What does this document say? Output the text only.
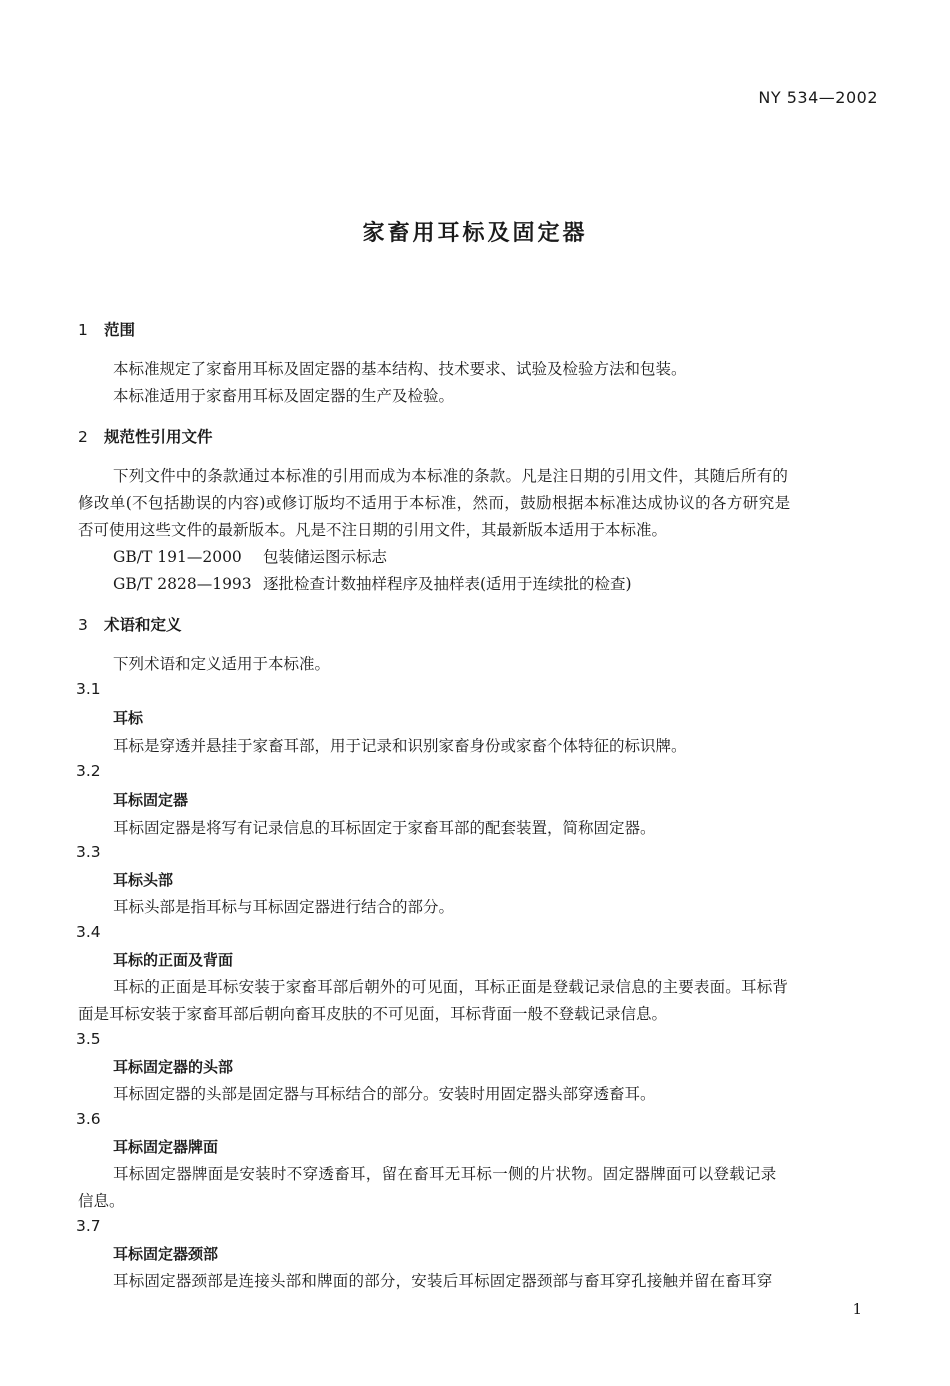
NY 534—2002
家畜用耳标及固定器
1 范围
本标准规定了家畜用耳标及固定器的基本结构、技术要求、试验及检验方法和包装。
本标准适用于家畜用耳标及固定器的生产及检验。
2 规范性引用文件
下列文件中的条款通过本标准的引用而成为本标准的条款。凡是注日期的引用文件，其随后所有的
修改单(不包括勘误的内容)或修订版均不适用于本标准，然而，鼓励根据本标准达成协议的各方研究是
否可使用这些文件的最新版本。凡是不注日期的引用文件，其最新版本适用于本标准。
GB/T 191—2000 包装储运图示标志
GB/T 2828—1993 逐批检查计数抽样程序及抽样表(适用于连续批的检查)
3 术语和定义
下列术语和定义适用于本标准。
3.1
耳标
耳标是穿透并悬挂于家畜耳部，用于记录和识别家畜身份或家畜个体特征的标识牌。
3.2
耳标固定器
耳标固定器是将写有记录信息的耳标固定于家畜耳部的配套装置，简称固定器。
3.3
耳标头部
耳标头部是指耳标与耳标固定器进行结合的部分。
3.4
耳标的正面及背面
耳标的正面是耳标安装于家畜耳部后朝外的可见面，耳标正面是登载记录信息的主要表面。耳标背
面是耳标安装于家畜耳部后朝向畜耳皮肤的不可见面，耳标背面一般不登载记录信息。
3.5
耳标固定器的头部
耳标固定器的头部是固定器与耳标结合的部分。安装时用固定器头部穿透畜耳。
3.6
耳标固定器牌面
耳标固定器牌面是安装时不穿透畜耳，留在畜耳无耳标一侧的片状物。固定器牌面可以登载记录
信息。
3.7
耳标固定器颈部
耳标固定器颈部是连接头部和牌面的部分，安装后耳标固定器颈部与畜耳穿孔接触并留在畜耳穿
1
